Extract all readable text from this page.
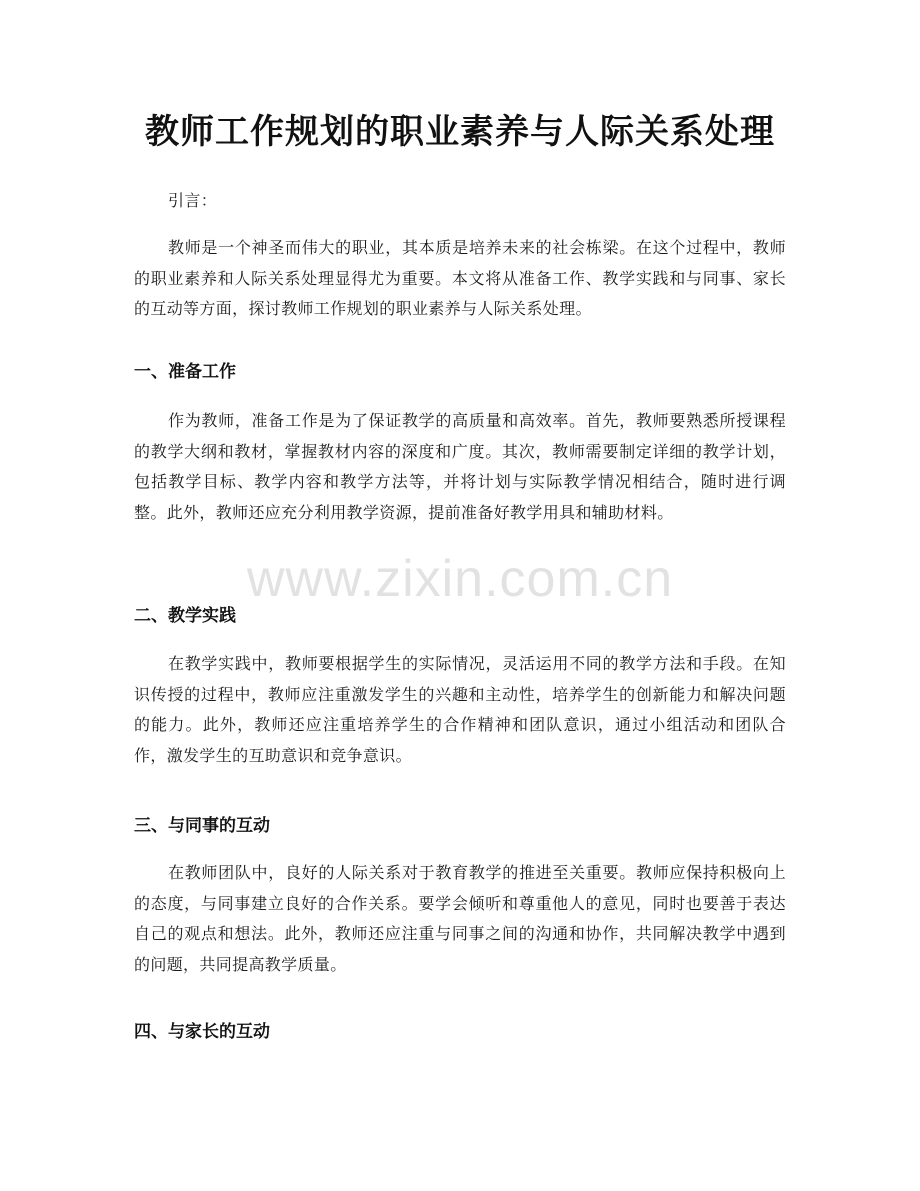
教师工作规划的职业素养与人际关系处理

引言：

教师是一个神圣而伟大的职业，其本质是培养未来的社会栋梁。在这个过程中，教师的职业素养和人际关系处理显得尤为重要。本文将从准备工作、教学实践和与同事、家长的互动等方面，探讨教师工作规划的职业素养与人际关系处理。

一、准备工作

作为教师，准备工作是为了保证教学的高质量和高效率。首先，教师要熟悉所授课程的教学大纲和教材，掌握教材内容的深度和广度。其次，教师需要制定详细的教学计划，包括教学目标、教学内容和教学方法等，并将计划与实际教学情况相结合，随时进行调整。此外，教师还应充分利用教学资源，提前准备好教学用具和辅助材料。

二、教学实践

在教学实践中，教师要根据学生的实际情况，灵活运用不同的教学方法和手段。在知识传授的过程中，教师应注重激发学生的兴趣和主动性，培养学生的创新能力和解决问题的能力。此外，教师还应注重培养学生的合作精神和团队意识，通过小组活动和团队合作，激发学生的互助意识和竞争意识。

三、与同事的互动

在教师团队中，良好的人际关系对于教育教学的推进至关重要。教师应保持积极向上的态度，与同事建立良好的合作关系。要学会倾听和尊重他人的意见，同时也要善于表达自己的观点和想法。此外，教师还应注重与同事之间的沟通和协作，共同解决教学中遇到的问题，共同提高教学质量。

四、与家长的互动
www.zixin.com.cn
